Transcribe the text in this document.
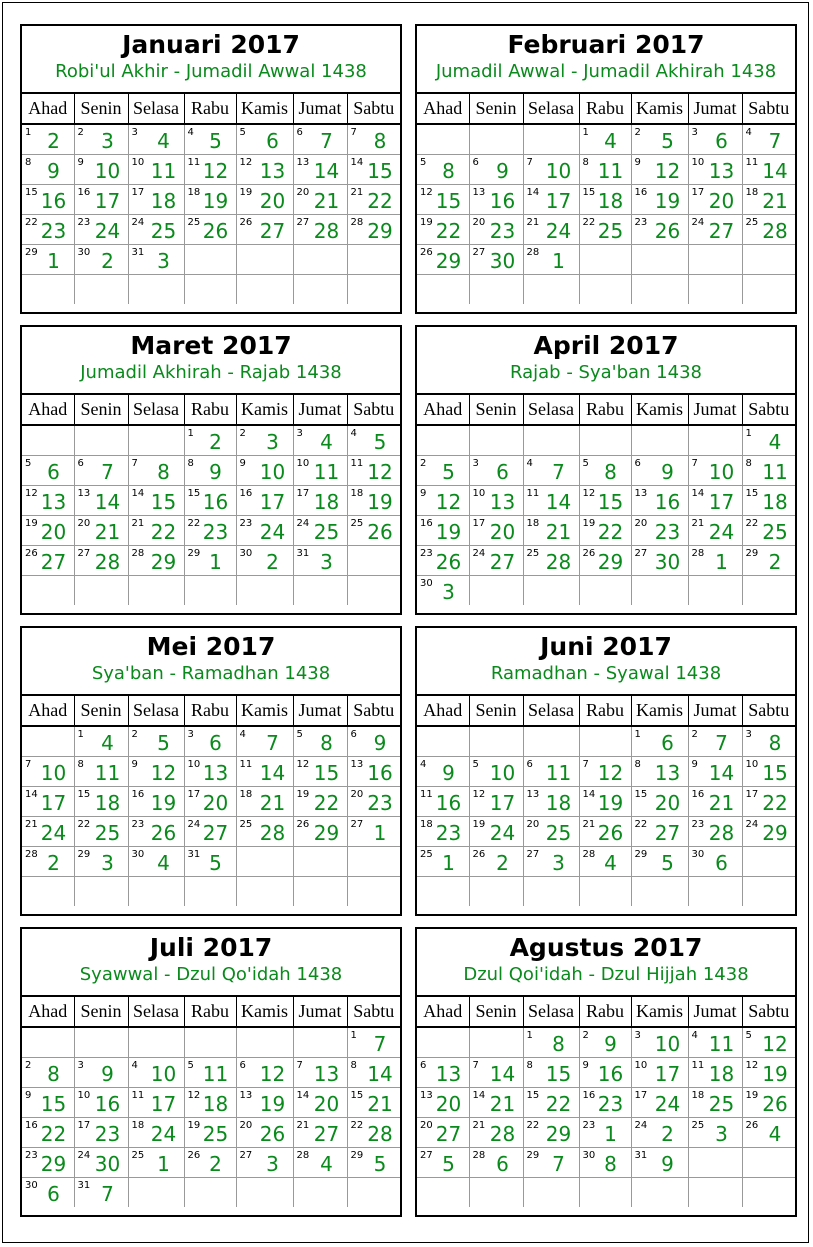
Januari 2017
Robi'ul Akhir - Jumadil Awwal 1438
Ahad	Senin	Selasa	Rabu	Kamis	Jumat	Sabtu

1 2	2 3	3 4	4 5	5 6	6 7	7 8

8 9	9 10	10 11	11 12	12 13	13 14	14 15

15 16	16 17	17 18	18 19	19 20	20 21	21 22

22 23	23 24	24 25	25 26	26 27	27 28	28 29

29 1	30 2	31 3				

Februari 2017
Jumadil Awwal - Jumadil Akhirah 1438
Ahad	Senin	Selasa	Rabu	Kamis	Jumat	Sabtu

			1 4	2 5	3 6	4 7

5 8	6 9	7 10	8 11	9 12	10 13	11 14

12 15	13 16	14 17	15 18	16 19	17 20	18 21

19 22	20 23	21 24	22 25	23 26	24 27	25 28

26 29	27 30	28 1				

Maret 2017
Jumadil Akhirah - Rajab 1438
Ahad	Senin	Selasa	Rabu	Kamis	Jumat	Sabtu

			1 2	2 3	3 4	4 5

5 6	6 7	7 8	8 9	9 10	10 11	11 12

12 13	13 14	14 15	15 16	16 17	17 18	18 19

19 20	20 21	21 22	22 23	23 24	24 25	25 26

26 27	27 28	28 29	29 1	30 2	31 3	

April 2017
Rajab - Sya'ban 1438
Ahad	Senin	Selasa	Rabu	Kamis	Jumat	Sabtu

						1 4

2 5	3 6	4 7	5 8	6 9	7 10	8 11

9 12	10 13	11 14	12 15	13 16	14 17	15 18

16 19	17 20	18 21	19 22	20 23	21 24	22 25

23 26	24 27	25 28	26 29	27 30	28 1	29 2

30 3						

Mei 2017
Sya'ban - Ramadhan 1438
Ahad	Senin	Selasa	Rabu	Kamis	Jumat	Sabtu

	1 4	2 5	3 6	4 7	5 8	6 9

7 10	8 11	9 12	10 13	11 14	12 15	13 16

14 17	15 18	16 19	17 20	18 21	19 22	20 23

21 24	22 25	23 26	24 27	25 28	26 29	27 1

28 2	29 3	30 4	31 5			

Juni 2017
Ramadhan - Syawal 1438
Ahad	Senin	Selasa	Rabu	Kamis	Jumat	Sabtu

				1 6	2 7	3 8

4 9	5 10	6 11	7 12	8 13	9 14	10 15

11 16	12 17	13 18	14 19	15 20	16 21	17 22

18 23	19 24	20 25	21 26	22 27	23 28	24 29

25 1	26 2	27 3	28 4	29 5	30 6	

Juli 2017
Syawwal - Dzul Qo'idah 1438
Ahad	Senin	Selasa	Rabu	Kamis	Jumat	Sabtu

						1 7

2 8	3 9	4 10	5 11	6 12	7 13	8 14

9 15	10 16	11 17	12 18	13 19	14 20	15 21

16 22	17 23	18 24	19 25	20 26	21 27	22 28

23 29	24 30	25 1	26 2	27 3	28 4	29 5

30 6	31 7					

Agustus 2017
Dzul Qoi'idah - Dzul Hijjah 1438
Ahad	Senin	Selasa	Rabu	Kamis	Jumat	Sabtu

		1 8	2 9	3 10	4 11	5 12

6 13	7 14	8 15	9 16	10 17	11 18	12 19

13 20	14 21	15 22	16 23	17 24	18 25	19 26

20 27	21 28	22 29	23 1	24 2	25 3	26 4

27 5	28 6	29 7	30 8	31 9		
